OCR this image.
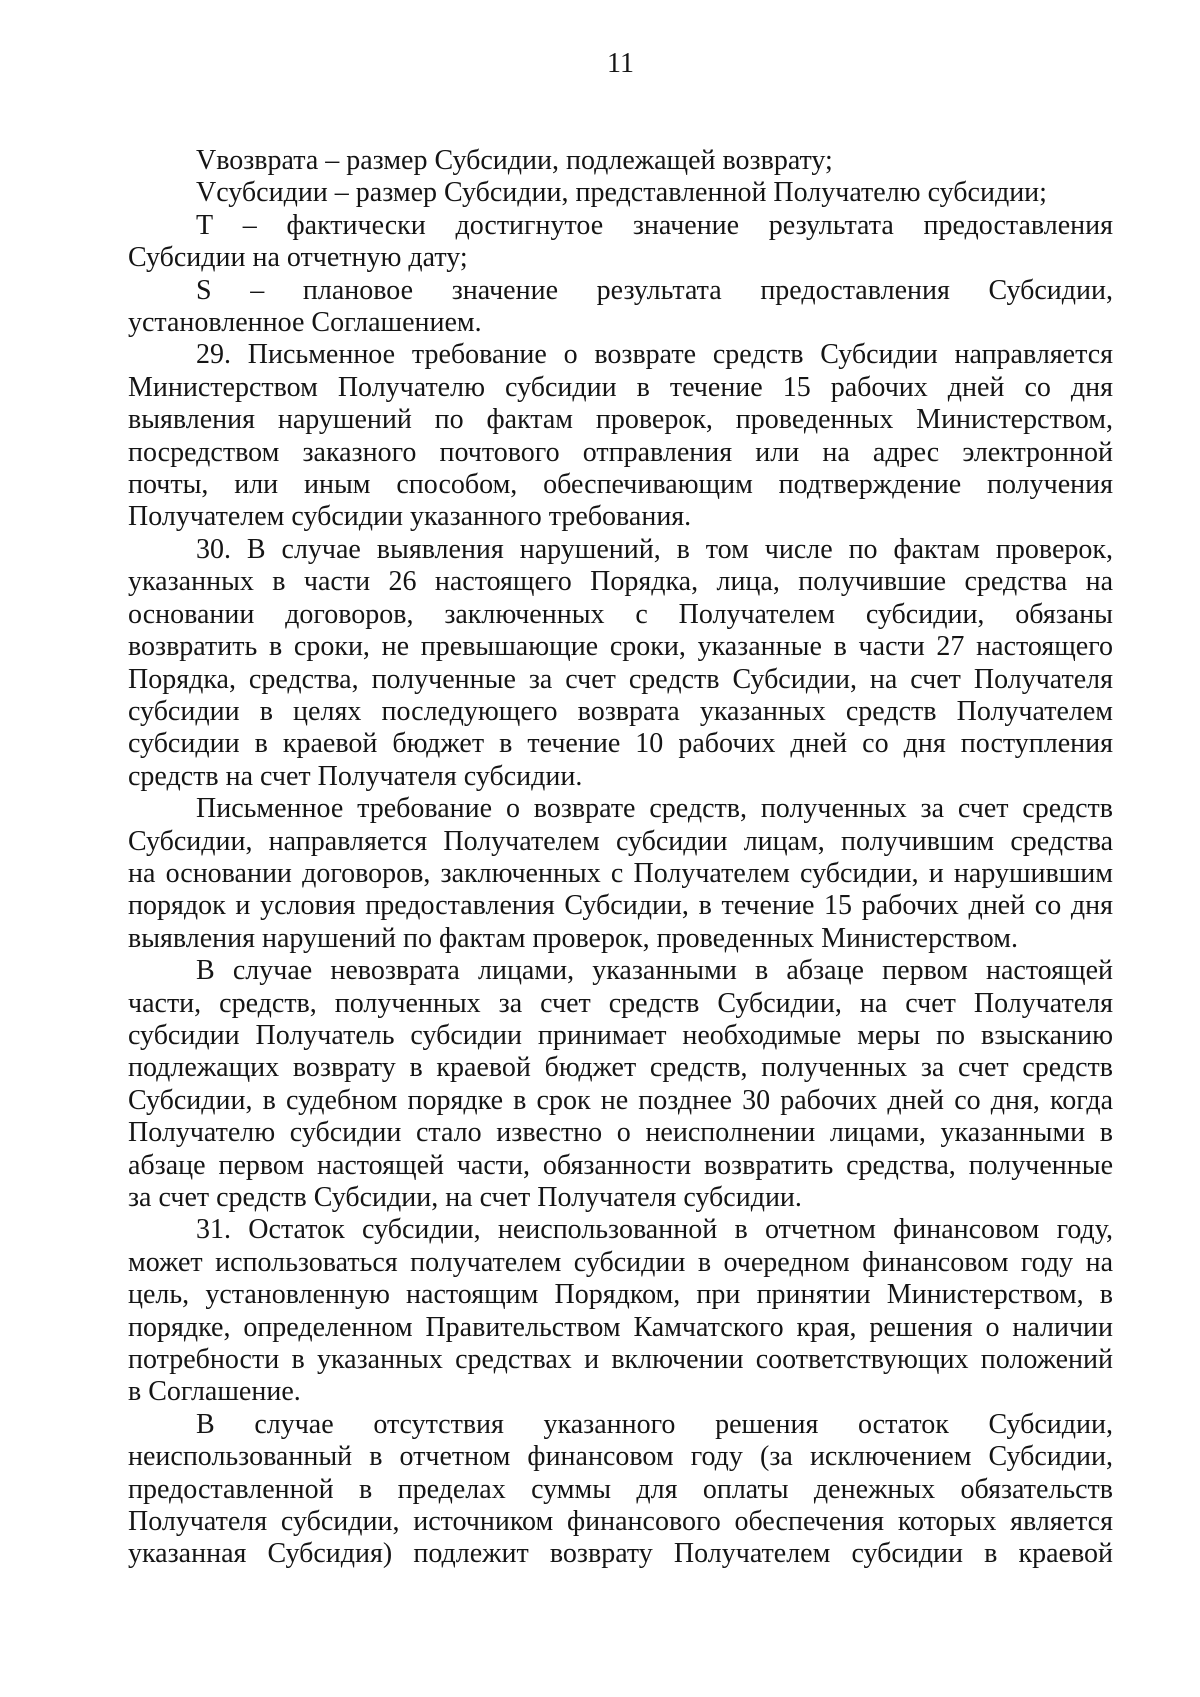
11
Vвозврата – размер Субсидии, подлежащей возврату;
Vсубсидии – размер Субсидии, представленной Получателю субсидии;
Т – фактически достигнутое значение результата предоставления
Субсидии на отчетную дату;
S – плановое значение результата предоставления Субсидии,
установленное Соглашением.
29. Письменное требование о возврате средств Субсидии направляется
Министерством Получателю субсидии в течение 15 рабочих дней со дня
выявления нарушений по фактам проверок, проведенных Министерством,
посредством заказного почтового отправления или на адрес электронной
почты, или иным способом, обеспечивающим подтверждение получения
Получателем субсидии указанного требования.
30. В случае выявления нарушений, в том числе по фактам проверок,
указанных в части 26 настоящего Порядка, лица, получившие средства на
основании договоров, заключенных с Получателем субсидии, обязаны
возвратить в сроки, не превышающие сроки, указанные в части 27 настоящего
Порядка, средства, полученные за счет средств Субсидии, на счет Получателя
субсидии в целях последующего возврата указанных средств Получателем
субсидии в краевой бюджет в течение 10 рабочих дней со дня поступления
средств на счет Получателя субсидии.
Письменное требование о возврате средств, полученных за счет средств
Субсидии, направляется Получателем субсидии лицам, получившим средства
на основании договоров, заключенных с Получателем субсидии, и нарушившим
порядок и условия предоставления Субсидии, в течение 15 рабочих дней со дня
выявления нарушений по фактам проверок, проведенных Министерством.
В случае невозврата лицами, указанными в абзаце первом настоящей
части, средств, полученных за счет средств Субсидии, на счет Получателя
субсидии Получатель субсидии принимает необходимые меры по взысканию
подлежащих возврату в краевой бюджет средств, полученных за счет средств
Субсидии, в судебном порядке в срок не позднее 30 рабочих дней со дня, когда
Получателю субсидии стало известно о неисполнении лицами, указанными в
абзаце первом настоящей части, обязанности возвратить средства, полученные
за счет средств Субсидии, на счет Получателя субсидии.
31. Остаток субсидии, неиспользованной в отчетном финансовом году,
может использоваться получателем субсидии в очередном финансовом году на
цель, установленную настоящим Порядком, при принятии Министерством, в
порядке, определенном Правительством Камчатского края, решения о наличии
потребности в указанных средствах и включении соответствующих положений
в Соглашение.
В случае отсутствия указанного решения остаток Субсидии,
неиспользованный в отчетном финансовом году (за исключением Субсидии,
предоставленной в пределах суммы для оплаты денежных обязательств
Получателя субсидии, источником финансового обеспечения которых является
указанная Субсидия) подлежит возврату Получателем субсидии в краевой
